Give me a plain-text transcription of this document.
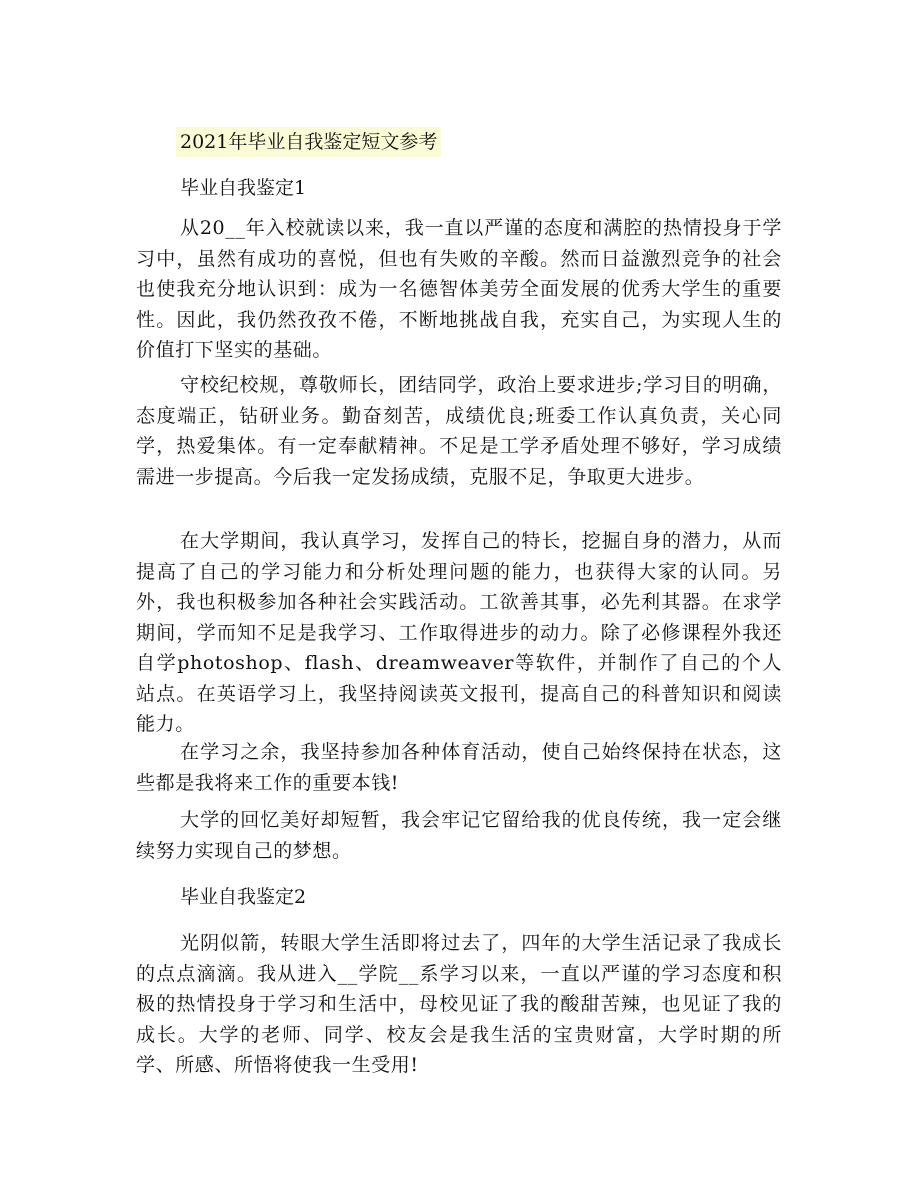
2021年毕业自我鉴定短文参考
毕业自我鉴定1

从20__年入校就读以来，我一直以严谨的态度和满腔的热情投身于学习中，虽然有成功的喜悦，但也有失败的辛酸。然而日益激烈竞争的社会也使我充分地认识到：成为一名德智体美劳全面发展的优秀大学生的重要性。因此，我仍然孜孜不倦，不断地挑战自我，充实自己，为实现人生的价值打下坚实的基础。

守校纪校规，尊敬师长，团结同学，政治上要求进步;学习目的明确，态度端正，钻研业务。勤奋刻苦，成绩优良;班委工作认真负责，关心同学，热爱集体。有一定奉献精神。不足是工学矛盾处理不够好，学习成绩需进一步提高。今后我一定发扬成绩，克服不足，争取更大进步。

在大学期间，我认真学习，发挥自己的特长，挖掘自身的潜力，从而提高了自己的学习能力和分析处理问题的能力，也获得大家的认同。另外，我也积极参加各种社会实践活动。工欲善其事，必先利其器。在求学期间，学而知不足是我学习、工作取得进步的动力。除了必修课程外我还自学photoshop、flash、dreamweaver等软件，并制作了自己的个人站点。在英语学习上，我坚持阅读英文报刊，提高自己的科普知识和阅读能力。

在学习之余，我坚持参加各种体育活动，使自己始终保持在状态，这些都是我将来工作的重要本钱!

大学的回忆美好却短暂，我会牢记它留给我的优良传统，我一定会继续努力实现自己的梦想。

毕业自我鉴定2

光阴似箭，转眼大学生活即将过去了，四年的大学生活记录了我成长的点点滴滴。我从进入__学院__系学习以来，一直以严谨的学习态度和积极的热情投身于学习和生活中，母校见证了我的酸甜苦辣，也见证了我的成长。大学的老师、同学、校友会是我生活的宝贵财富，大学时期的所学、所感、所悟将使我一生受用!
